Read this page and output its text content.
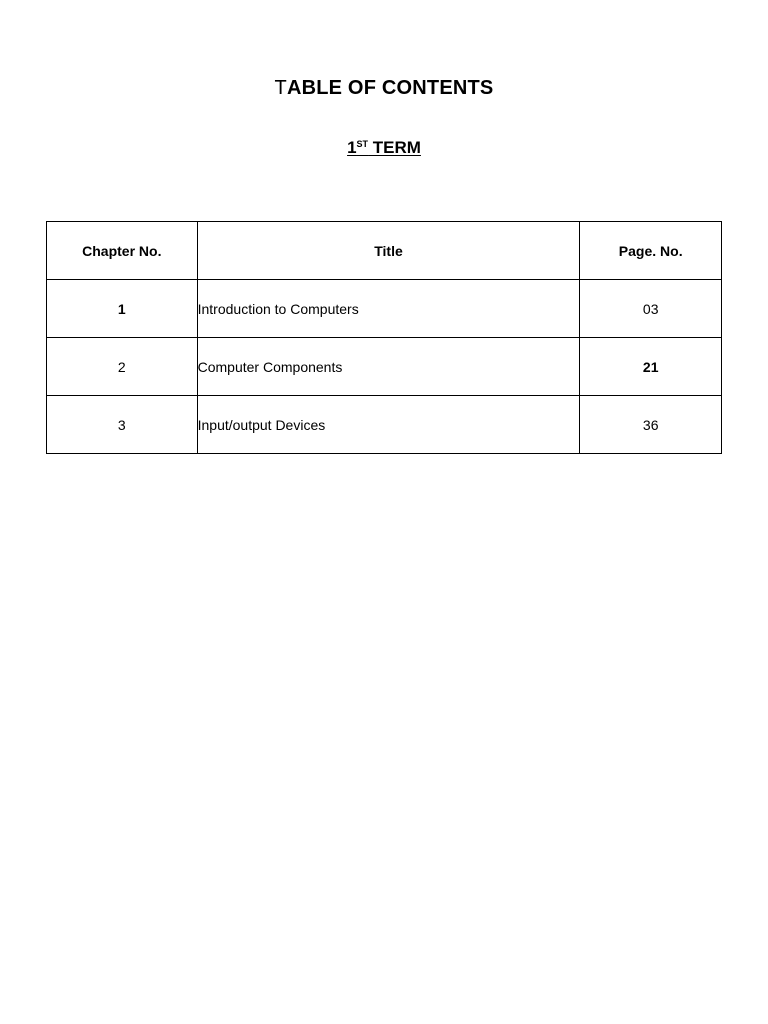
TABLE OF CONTENTS
1ST TERM
Chapter No.	Title	Page. No.
1	Introduction to Computers	03
2	Computer Components	21
3	Input/output Devices	36
